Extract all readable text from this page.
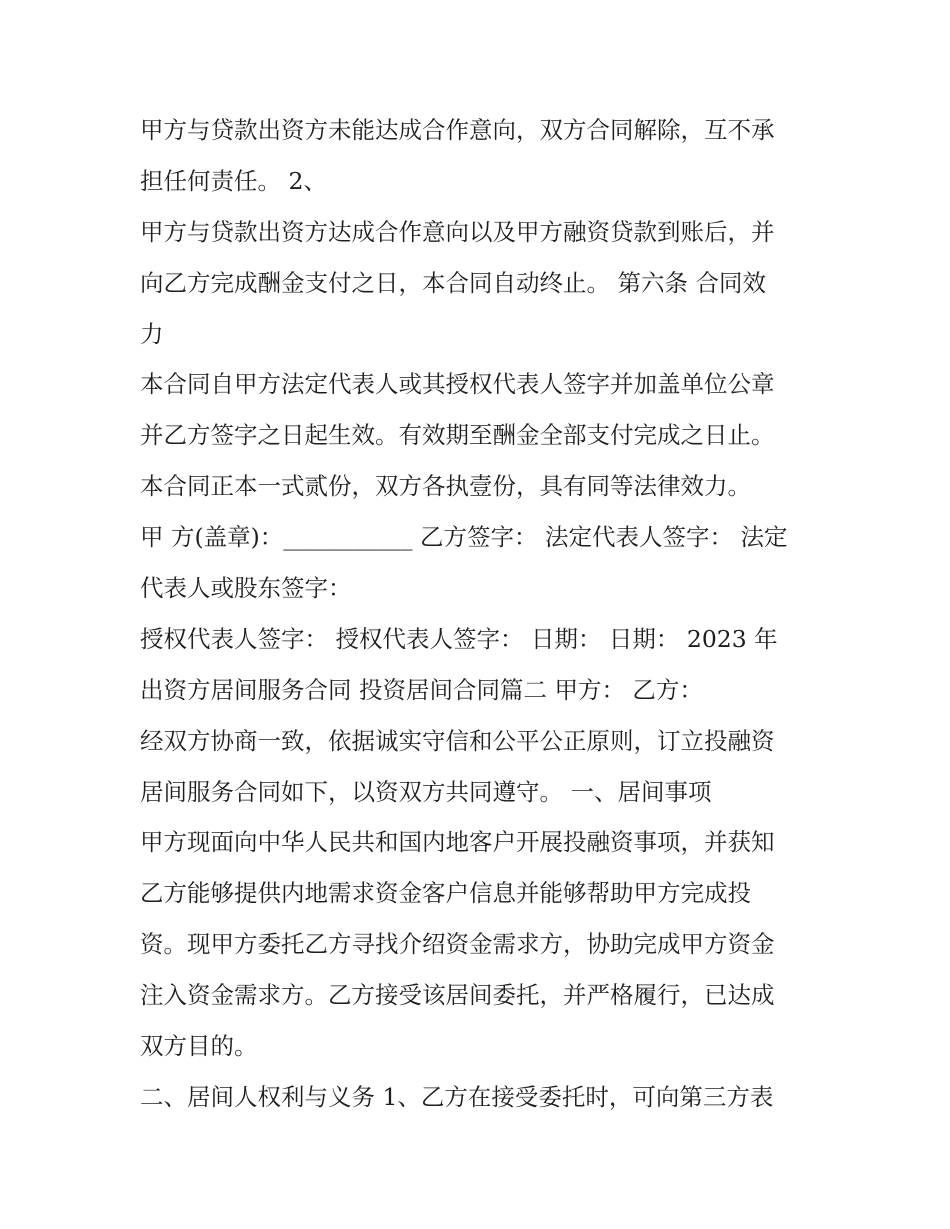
甲方与贷款出资方未能达成合作意向，双方合同解除，互不承
担任何责任。 2、
甲方与贷款出资方达成合作意向以及甲方融资贷款到账后，并
向乙方完成酬金支付之日，本合同自动终止。 第六条 合同效
力
本合同自甲方法定代表人或其授权代表人签字并加盖单位公章
并乙方签字之日起生效。有效期至酬金全部支付完成之日止。
本合同正本一式贰份，双方各执壹份，具有同等法律效力。
甲 方(盖章)：___________ 乙方签字： 法定代表人签字： 法定
代表人或股东签字：
授权代表人签字： 授权代表人签字： 日期： 日期： 2023 年
出资方居间服务合同 投资居间合同篇二 甲方： 乙方：
经双方协商一致，依据诚实守信和公平公正原则，订立投融资
居间服务合同如下，以资双方共同遵守。 一、居间事项
甲方现面向中华人民共和国内地客户开展投融资事项，并获知
乙方能够提供内地需求资金客户信息并能够帮助甲方完成投
资。现甲方委托乙方寻找介绍资金需求方，协助完成甲方资金
注入资金需求方。乙方接受该居间委托，并严格履行，已达成
双方目的。
二、居间人权利与义务 1、乙方在接受委托时，可向第三方表
